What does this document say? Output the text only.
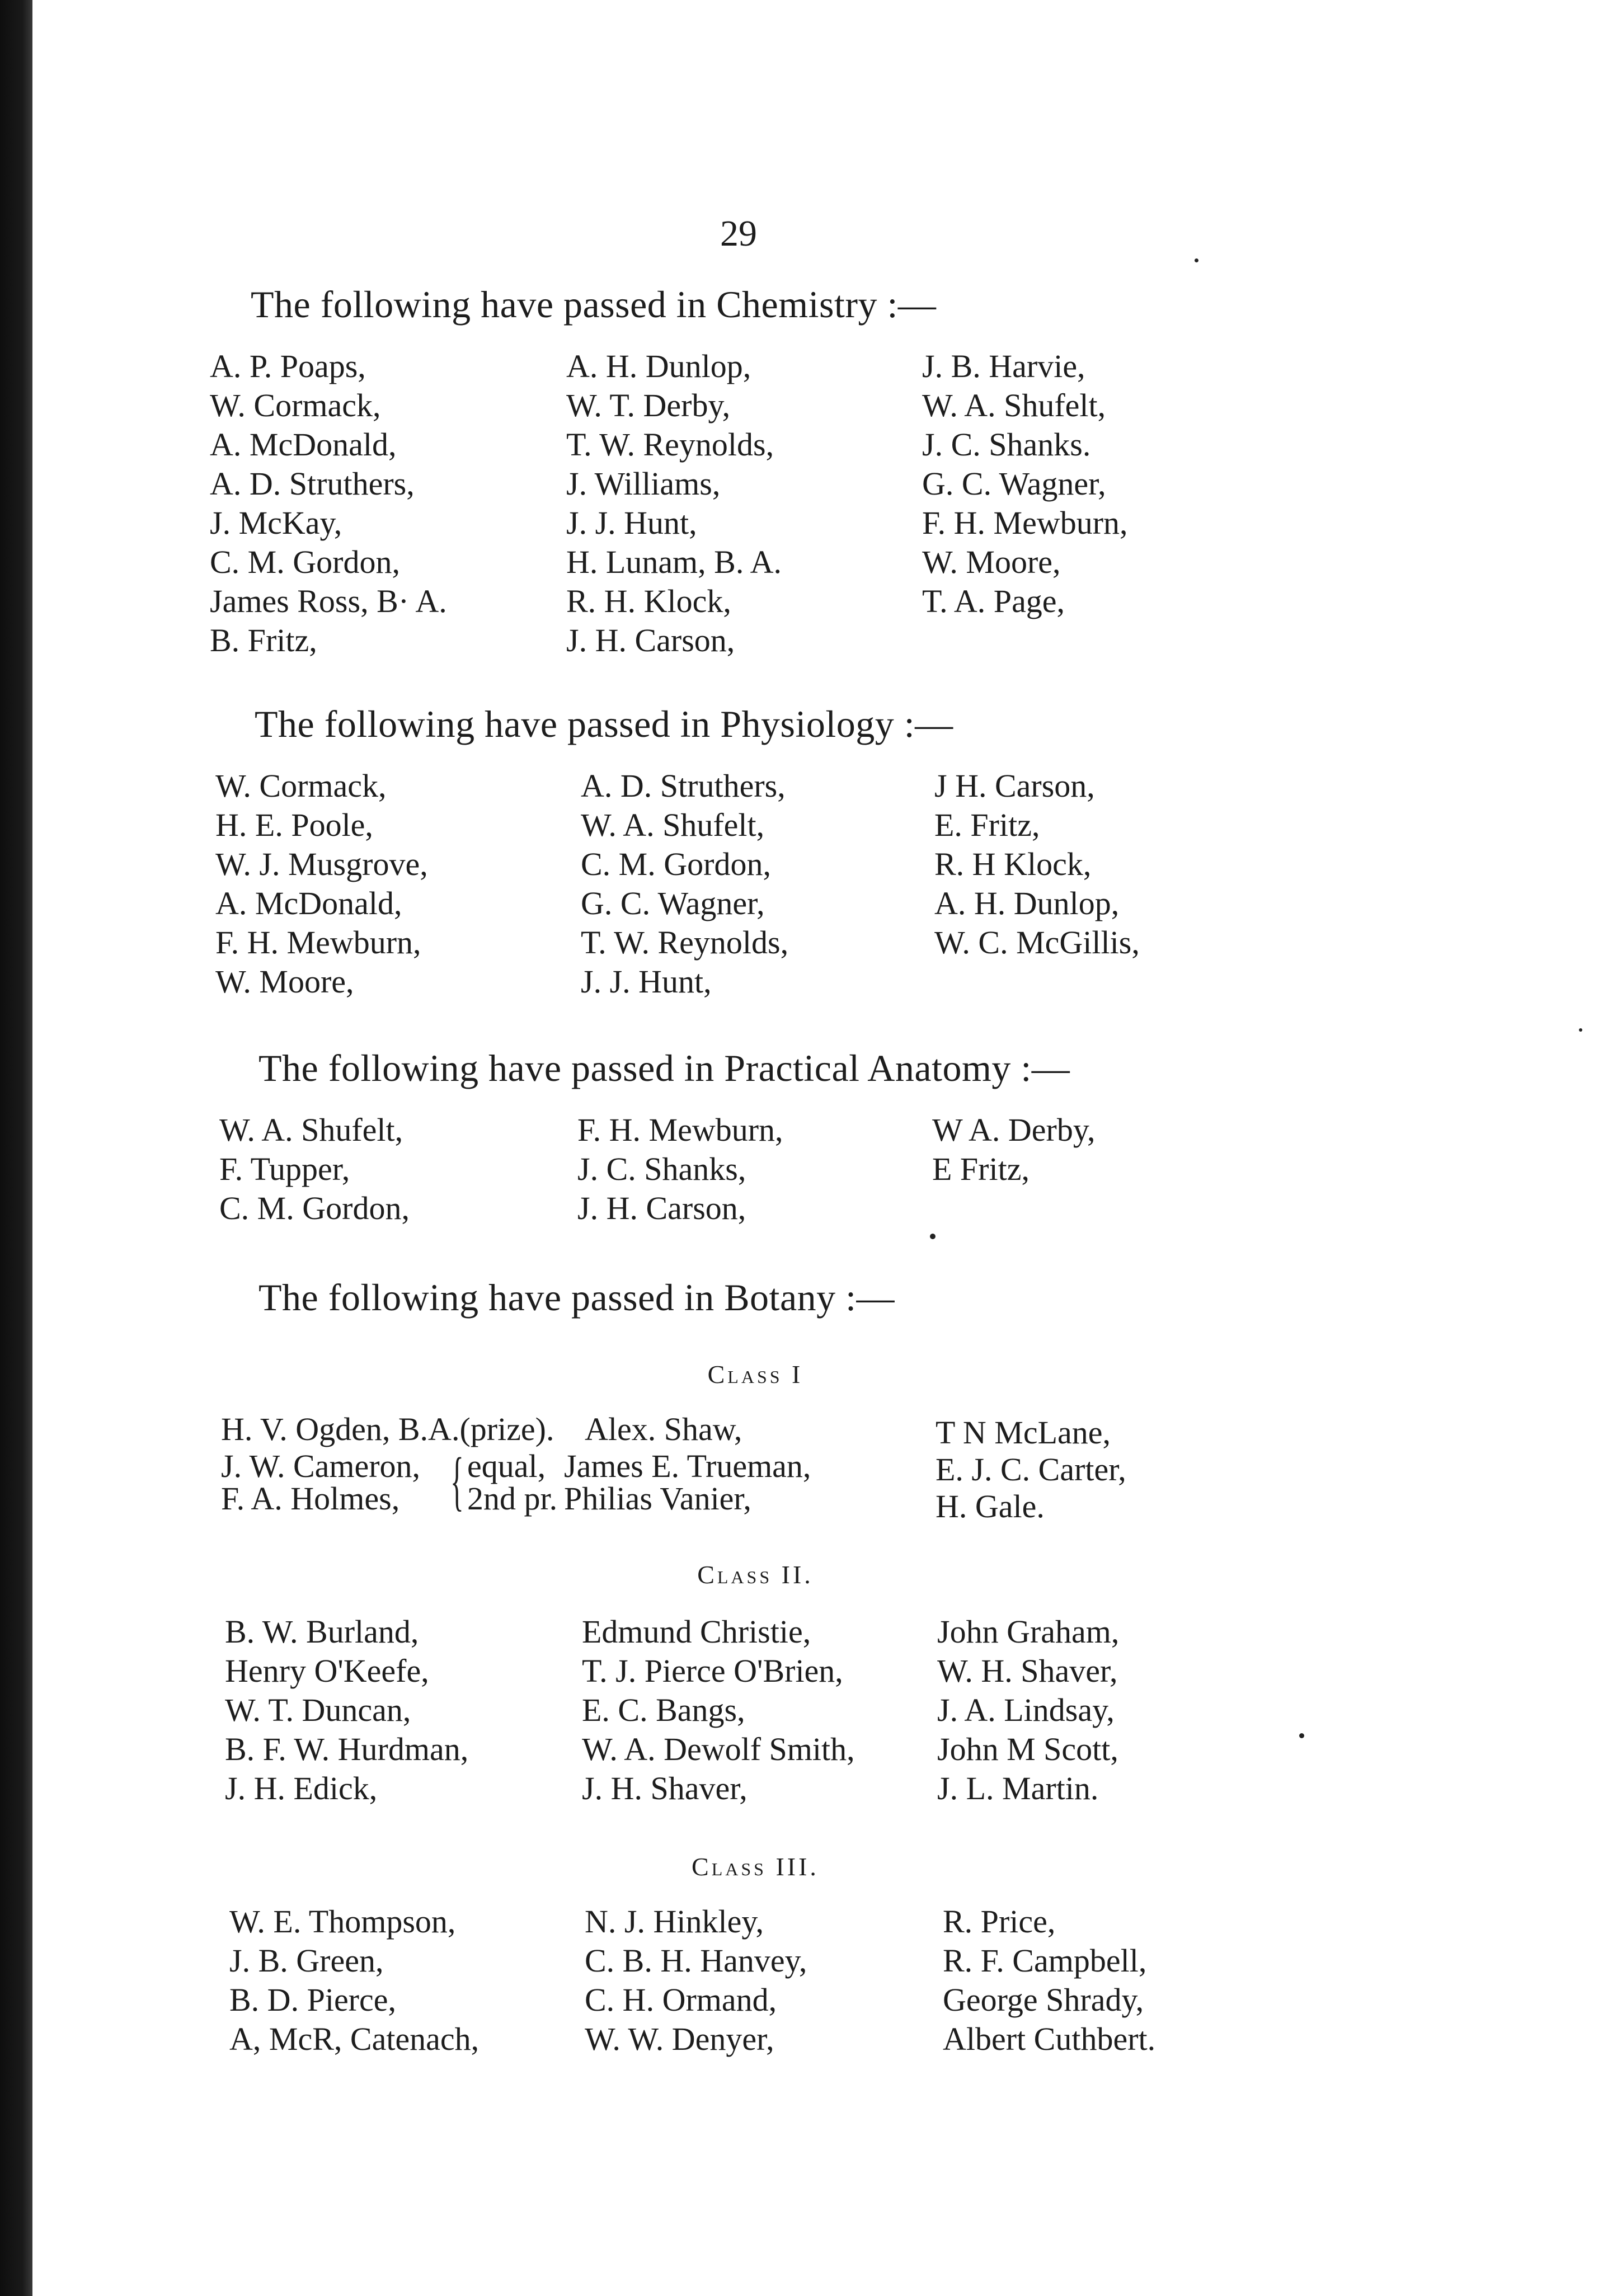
29
The following have passed in Chemistry :—
A. P. Poaps,
W. Cormack,
A. McDonald,
A. D. Struthers,
J. McKay,
C. M. Gordon,
James Ross, B· A.
B. Fritz,
A. H. Dunlop,
W. T. Derby,
T. W. Reynolds,
J. Williams,
J. J. Hunt,
H. Lunam, B. A.
R. H. Klock,
J. H. Carson,
J. B. Harvie,
W. A. Shufelt,
J. C. Shanks.
G. C. Wagner,
F. H. Mewburn,
W. Moore,
T. A. Page,
The following have passed in Physiology :—
W. Cormack,
H. E. Poole,
W. J. Musgrove,
A. McDonald,
F. H. Mewburn,
W. Moore,
A. D. Struthers,
W. A. Shufelt,
C. M. Gordon,
G. C. Wagner,
T. W. Reynolds,
J. J. Hunt,
J H. Carson,
E. Fritz,
R. H Klock,
A. H. Dunlop,
W. C. McGillis,
The following have passed in Practical Anatomy :—
W. A. Shufelt,
F. Tupper,
C. M. Gordon,
F. H. Mewburn,
J. C. Shanks,
J. H. Carson,
W A. Derby,
E Fritz,
The following have passed in Botany :—
Class I
H. V. Ogden, B.A.(prize). Alex. Shaw,
J. W. Cameron,
F. A. Holmes, { equal,
2nd pr.
James E. Trueman,
Philias Vanier,
T N McLane,
E. J. C. Carter,
H. Gale.
Class II.
B. W. Burland,
Henry O'Keefe,
W. T. Duncan,
B. F. W. Hurdman,
J. H. Edick,
Edmund Christie,
T. J. Pierce O'Brien,
E. C. Bangs,
W. A. Dewolf Smith,
J. H. Shaver,
John Graham,
W. H. Shaver,
J. A. Lindsay,
John M Scott,
J. L. Martin.
Class III.
W. E. Thompson,
J. B. Green,
B. D. Pierce,
A, McR, Catenach,
N. J. Hinkley,
C. B. H. Hanvey,
C. H. Ormand,
W. W. Denyer,
R. Price,
R. F. Campbell,
George Shrady,
Albert Cuthbert.
